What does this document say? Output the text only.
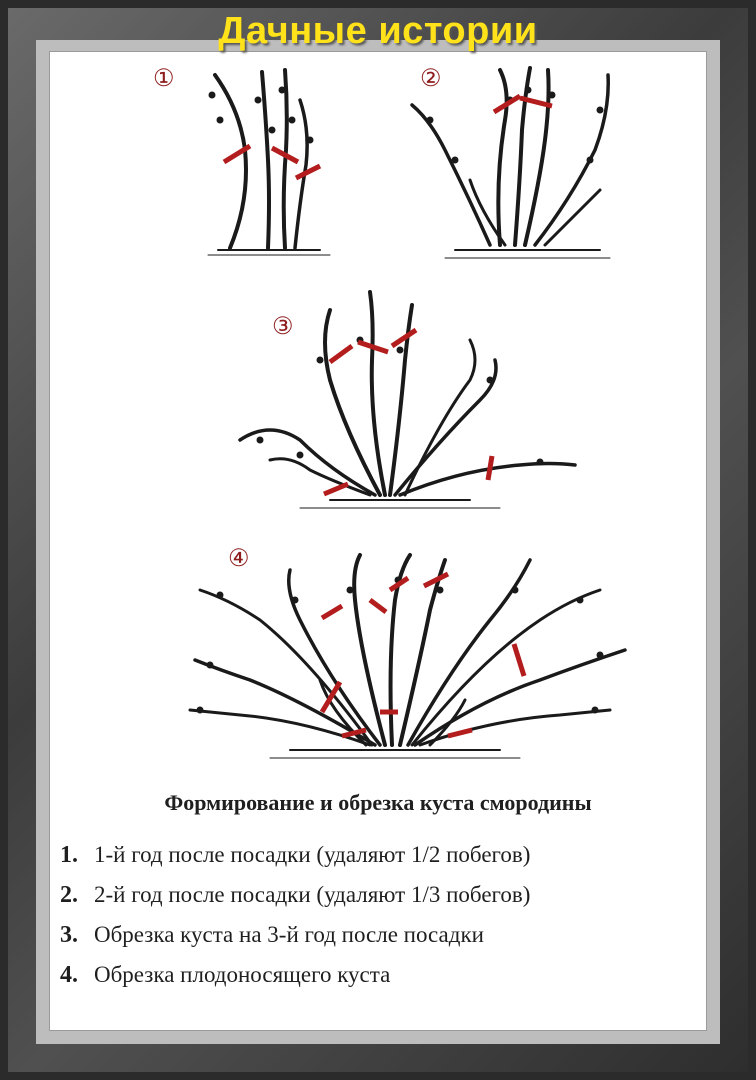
Дачные истории
①	②
③
④
Формирование и обрезка куста смородины
1. 1-й год после посадки (удаляют 1/2 побегов)
2. 2-й год после посадки (удаляют 1/3 побегов)
3. Обрезка куста на 3-й год после посадки
4. Обрезка плодоносящего куста
